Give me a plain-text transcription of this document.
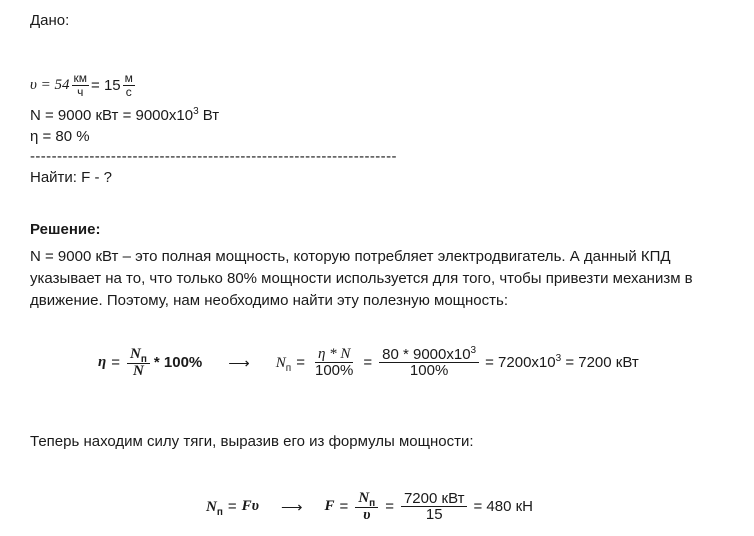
Дано:
$\upsilon = 54 \frac{км}{ч} = 15 \frac{м}{с}$
N = 9000 кВт = $9000x10^3$ Вт
η = 80 %
--------------------------------------------------------------------
Найти: F - ?
Решение:
N = 9000 кВт – это полная мощность, которую потребляет электродвигатель. А данный КПД указывает на то, что только 80% мощности используется для того, чтобы привезти механизм в движение. Поэтому, нам необходимо найти эту полезную мощность:
$\eta = \frac{N_п}{N} * 100\%$ ⟶ $N_п = \frac{\eta * N}{100\%} = \frac{80 * 9000x10^3}{100\%} = 7200x10^3 = 7200$ кВт
Теперь находим силу тяги, выразив его из формулы мощности:
$N_п = F\upsilon$ ⟶ $F = \frac{N_п}{\upsilon} = \frac{\text{7200 кВт}}{15} = 480$ кН
